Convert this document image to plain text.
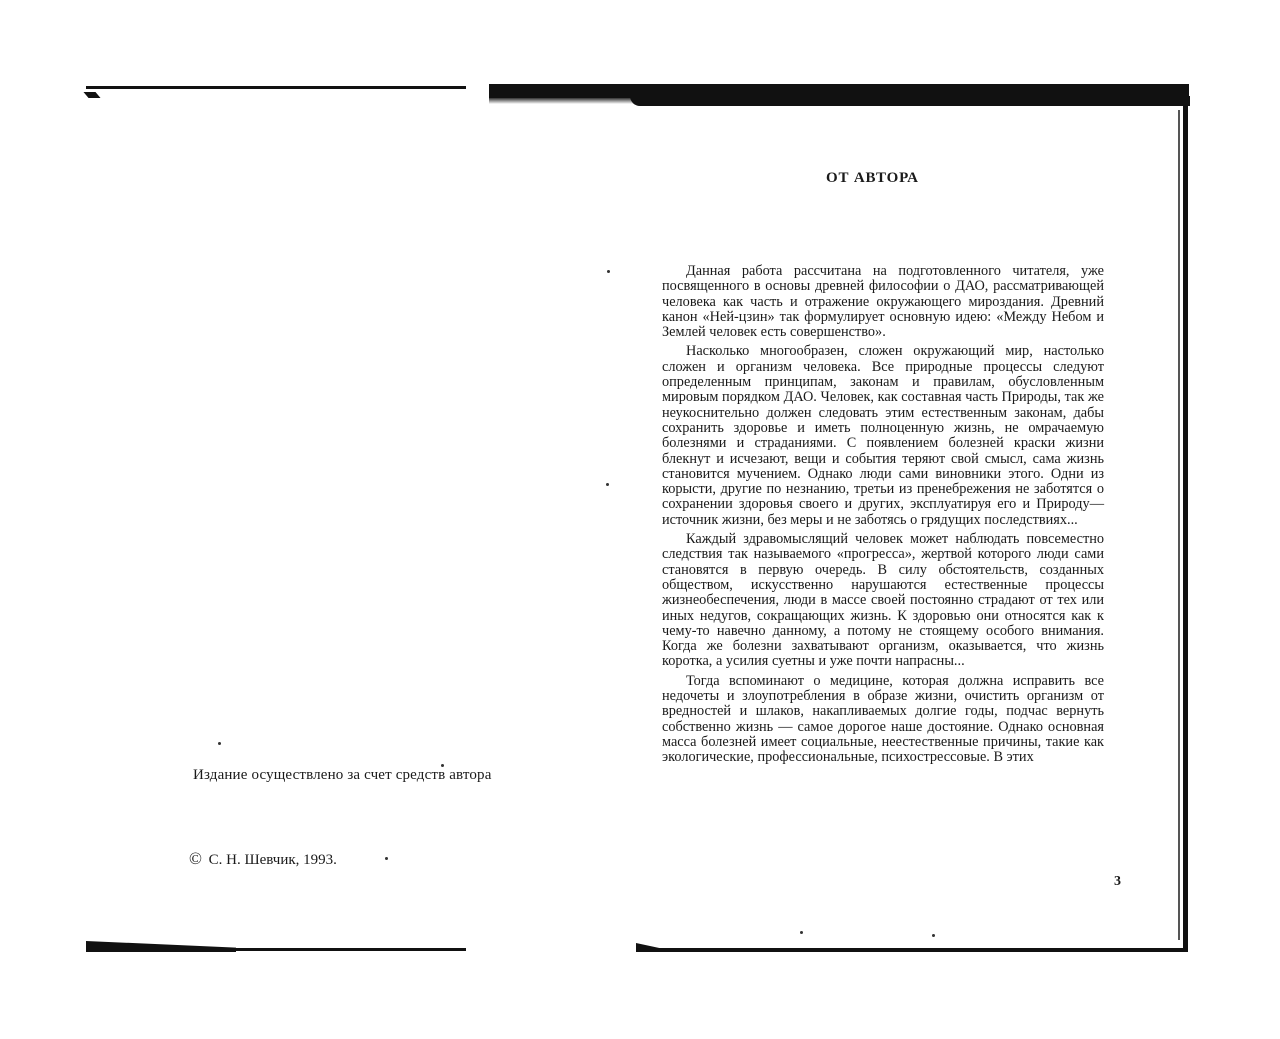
Издание осуществлено за счет средств автора
© С. Н. Шевчик, 1993.
ОТ АВТОРА

Данная работа рассчитана на подготовленного читателя, уже посвященного в основы древней философии о ДАО, рассматривающей человека как часть и отражение окружающего мироздания. Древний канон «Ней-цзин» так формулирует основную идею: «Между Небом и Землей человек есть совершенство».

Насколько многообразен, сложен окружающий мир, настолько сложен и организм человека. Все природные процессы следуют определенным принципам, законам и правилам, обусловленным мировым порядком ДАО. Человек, как составная часть Природы, так же неукоснительно должен следовать этим естественным законам, дабы сохранить здоровье и иметь полноценную жизнь, не омрачаемую болезнями и страданиями. С появлением болезней краски жизни блекнут и исчезают, вещи и события теряют свой смысл, сама жизнь становится мучением. Однако люди сами виновники этого. Одни из корысти, другие по незнанию, третьи из пренебрежения не заботятся о сохранении здоровья своего и других, эксплуатируя его и Природу—источник жизни, без меры и не заботясь о грядущих последствиях...

Каждый здравомыслящий человек может наблюдать повсеместно следствия так называемого «прогресса», жертвой которого люди сами становятся в первую очередь. В силу обстоятельств, созданных обществом, искусственно нарушаются естественные процессы жизнеобеспечения, люди в массе своей постоянно страдают от тех или иных недугов, сокращающих жизнь. К здоровью они относятся как к чему-то навечно данному, а потому не стоящему особого внимания. Когда же болезни захватывают организм, оказывается, что жизнь коротка, а усилия суетны и уже почти напрасны...

Тогда вспоминают о медицине, которая должна исправить все недочеты и злоупотребления в образе жизни, очистить организм от вредностей и шлаков, накапливаемых долгие годы, подчас вернуть собственно жизнь — самое дорогое наше достояние. Однако основная масса болезней имеет социальные, неестественные причины, такие как экологические, профессиональные, психострессовые. В этих

3
